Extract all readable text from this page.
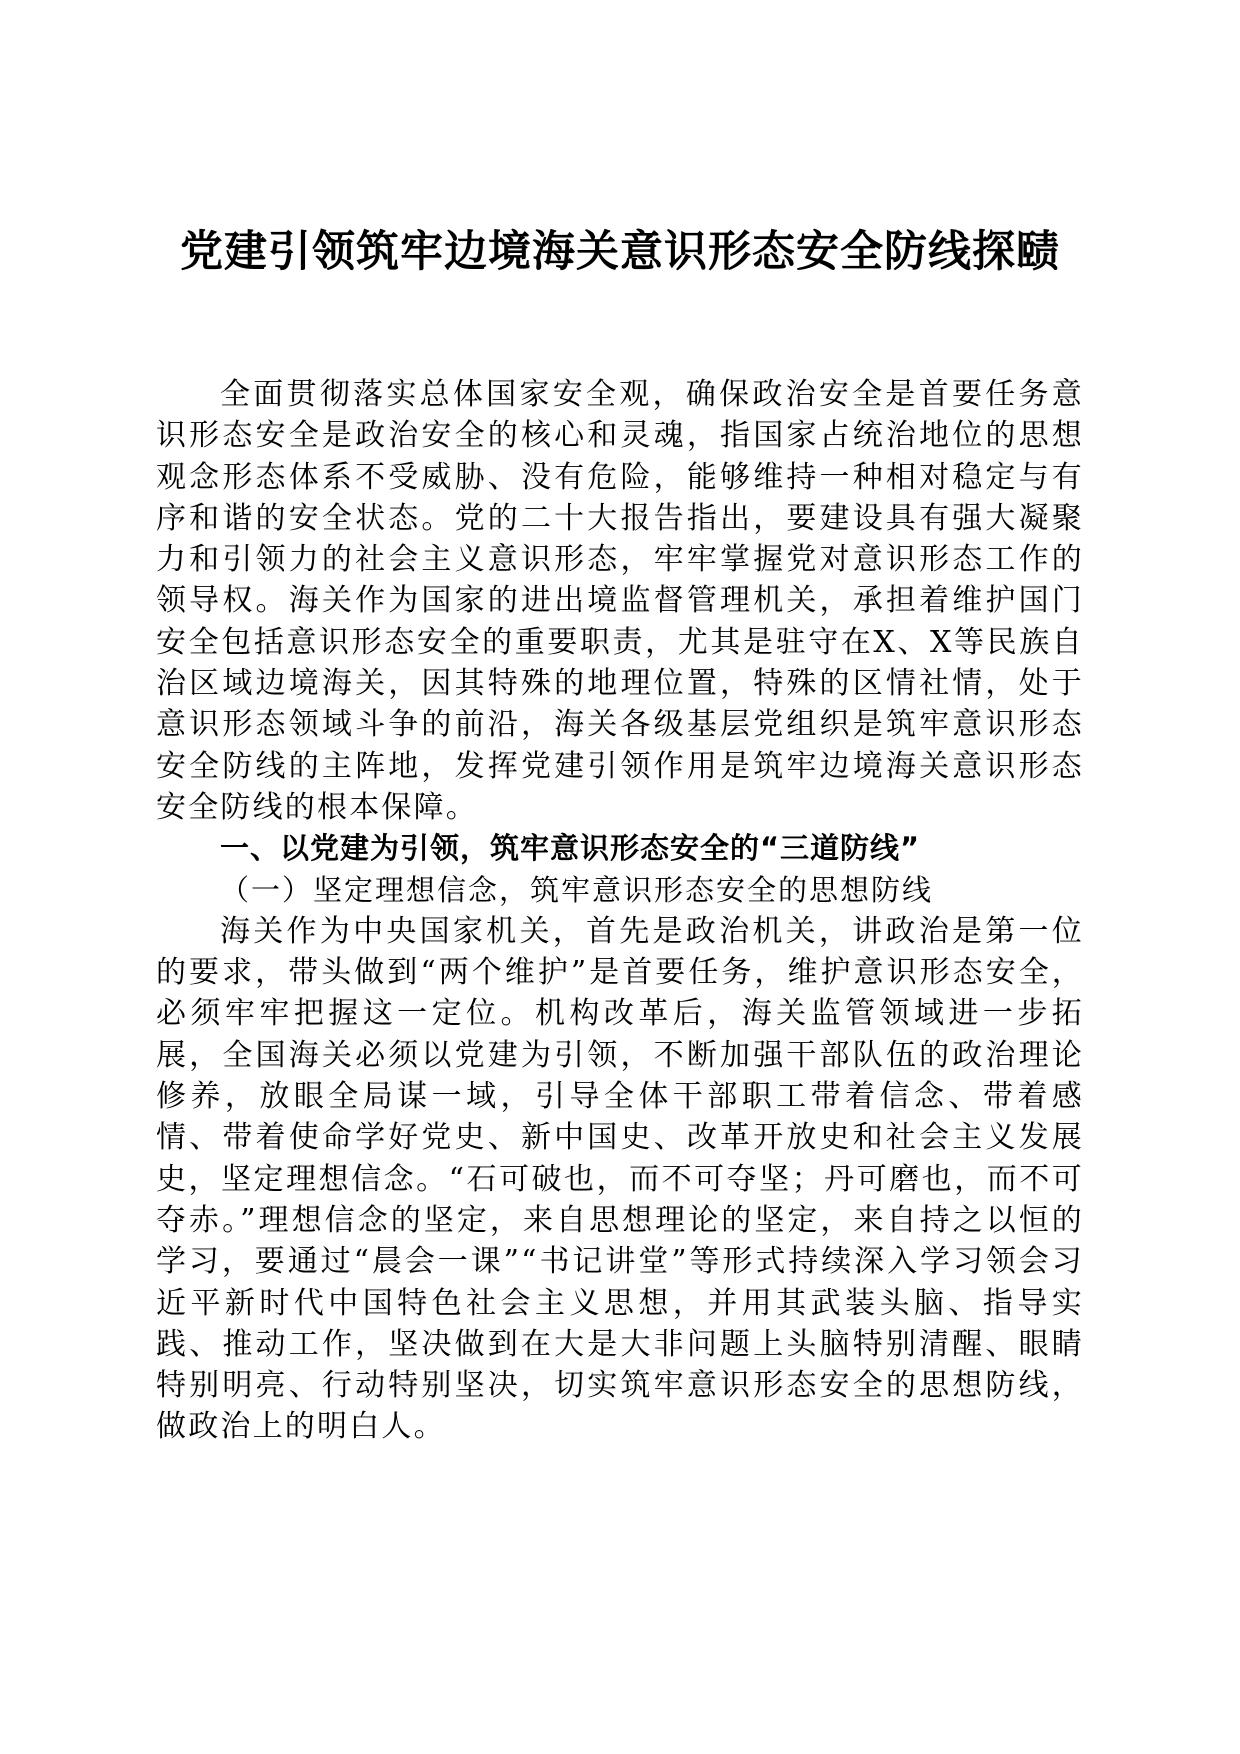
党建引领筑牢边境海关意识形态安全防线探赜

全面贯彻落实总体国家安全观，确保政治安全是首要任务意识形态安全是政治安全的核心和灵魂，指国家占统治地位的思想观念形态体系不受威胁、没有危险，能够维持一种相对稳定与有序和谐的安全状态。党的二十大报告指出，要建设具有强大凝聚力和引领力的社会主义意识形态，牢牢掌握党对意识形态工作的领导权。海关作为国家的进出境监督管理机关，承担着维护国门安全包括意识形态安全的重要职责，尤其是驻守在X、X等民族自治区域边境海关，因其特殊的地理位置，特殊的区情社情，处于意识形态领域斗争的前沿，海关各级基层党组织是筑牢意识形态安全防线的主阵地，发挥党建引领作用是筑牢边境海关意识形态安全防线的根本保障。

一、以党建为引领，筑牢意识形态安全的“三道防线”

（一）坚定理想信念，筑牢意识形态安全的思想防线

海关作为中央国家机关，首先是政治机关，讲政治是第一位的要求，带头做到“两个维护”是首要任务，维护意识形态安全，必须牢牢把握这一定位。机构改革后，海关监管领域进一步拓展，全国海关必须以党建为引领，不断加强干部队伍的政治理论修养，放眼全局谋一域，引导全体干部职工带着信念、带着感情、带着使命学好党史、新中国史、改革开放史和社会主义发展史，坚定理想信念。“石可破也，而不可夺坚；丹可磨也，而不可夺赤。”理想信念的坚定，来自思想理论的坚定，来自持之以恒的学习，要通过“晨会一课”“书记讲堂”等形式持续深入学习领会习近平新时代中国特色社会主义思想，并用其武装头脑、指导实践、推动工作，坚决做到在大是大非问题上头脑特别清醒、眼睛特别明亮、行动特别坚决，切实筑牢意识形态安全的思想防线，做政治上的明白人。
